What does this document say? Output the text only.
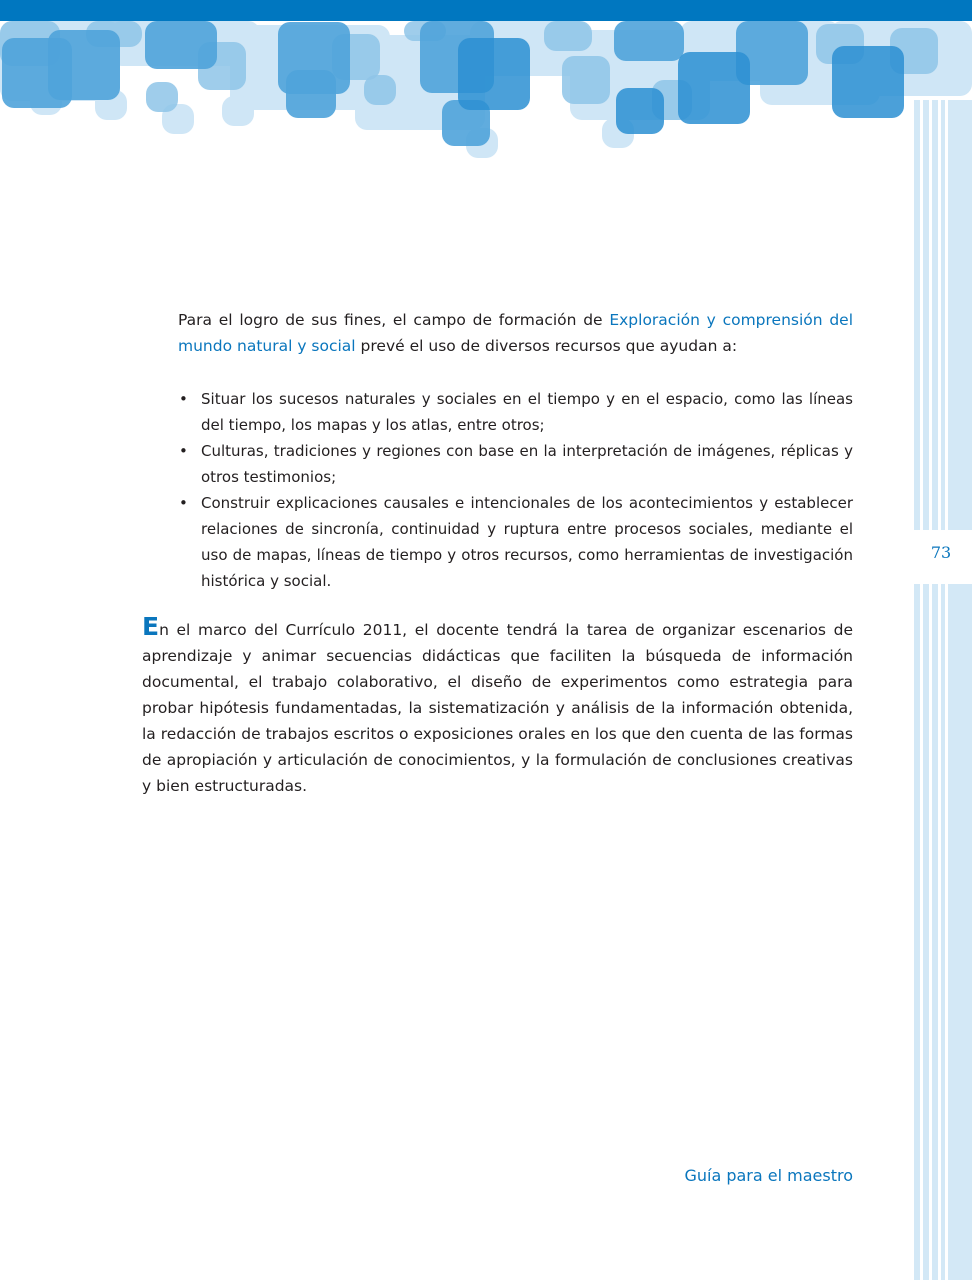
73

Para el logro de sus fines, el campo de formación de Exploración y comprensión del mundo natural y social prevé el uso de diversos recursos que ayudan a:

• Situar los sucesos naturales y sociales en el tiempo y en el espacio, como las líneas del tiempo, los mapas y los atlas, entre otros;
• Culturas, tradiciones y regiones con base en la interpretación de imágenes, réplicas y otros testimonios;
• Construir explicaciones causales e intencionales de los acontecimientos y establecer relaciones de sincronía, continuidad y ruptura entre procesos sociales, mediante el uso de mapas, líneas de tiempo y otros recursos, como herramientas de investigación histórica y social.

En el marco del Currículo 2011, el docente tendrá la tarea de organizar escenarios de aprendizaje y animar secuencias didácticas que faciliten la búsqueda de información documental, el trabajo colaborativo, el diseño de experimentos como estrategia para probar hipótesis fundamentadas, la sistematización y análisis de la información obtenida, la redacción de trabajos escritos o exposiciones orales en los que den cuenta de las formas de apropiación y articulación de conocimientos, y la formulación de conclusiones creativas y bien estructuradas.

Guía para el maestro
